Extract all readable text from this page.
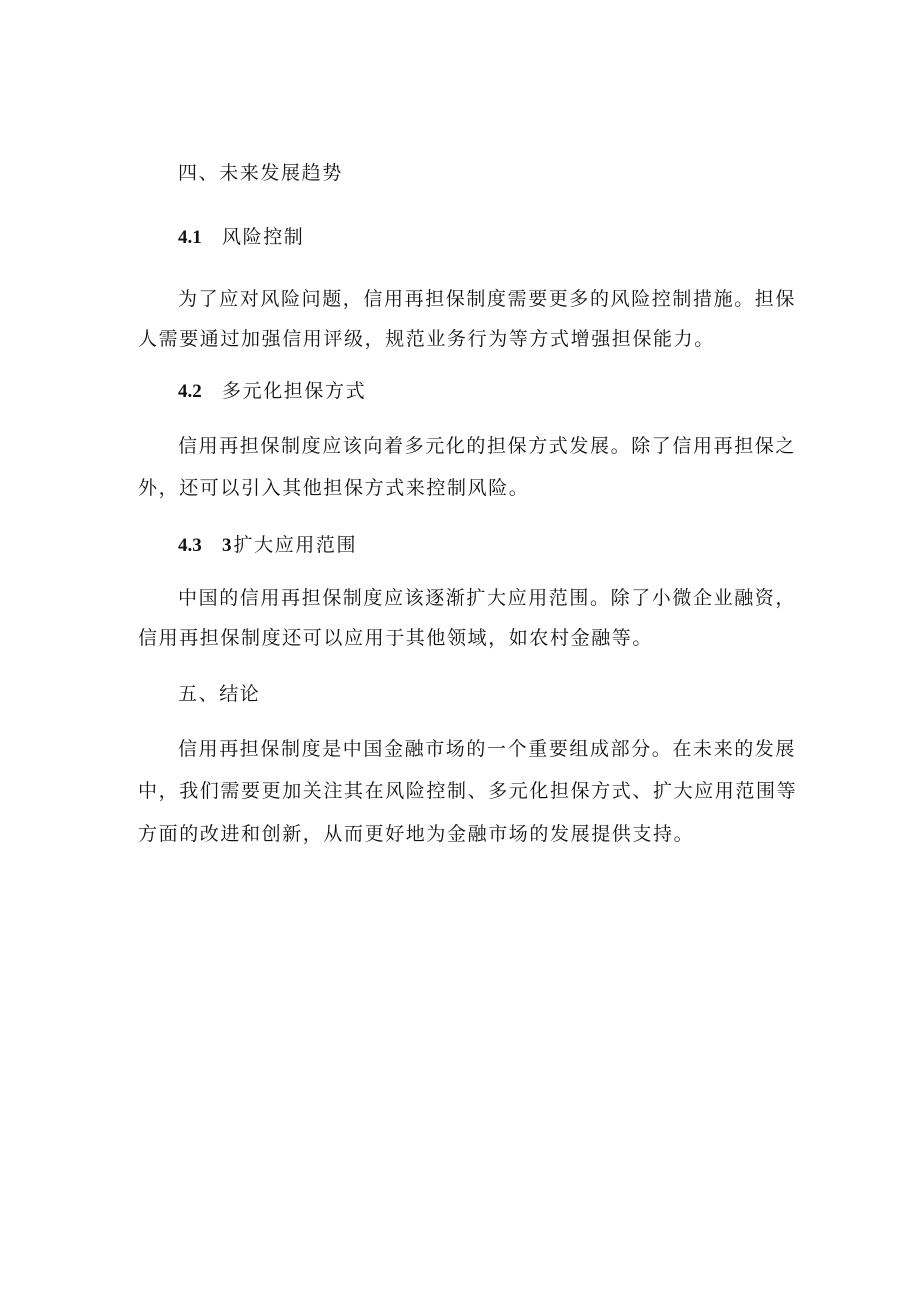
四、未来发展趋势
4.1 风险控制
为了应对风险问题，信用再担保制度需要更多的风险控制措施。担保
人需要通过加强信用评级，规范业务行为等方式增强担保能力。
4.2 多元化担保方式
信用再担保制度应该向着多元化的担保方式发展。除了信用再担保之
外，还可以引入其他担保方式来控制风险。
4.3 3 扩大应用范围
中国的信用再担保制度应该逐渐扩大应用范围。除了小微企业融资，
信用再担保制度还可以应用于其他领域，如农村金融等。
五、结论
信用再担保制度是中国金融市场的一个重要组成部分。在未来的发展
中，我们需要更加关注其在风险控制、多元化担保方式、扩大应用范围等
方面的改进和创新，从而更好地为金融市场的发展提供支持。
